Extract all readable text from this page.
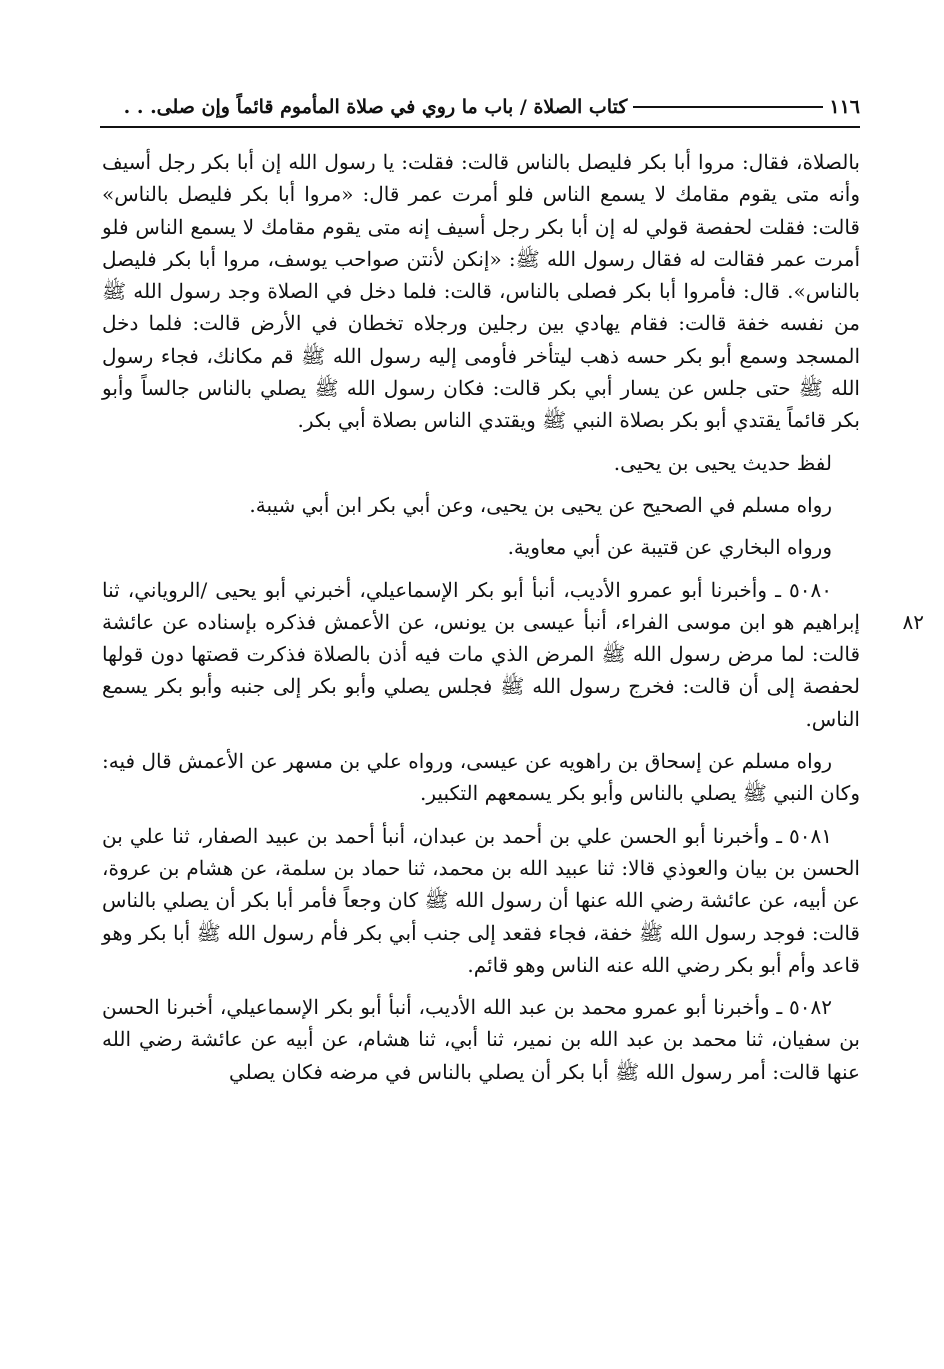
١١٦
كتاب الصلاة / باب ما روي في صلاة المأموم قائماً وإن صلى. . .

بالصلاة، فقال: مروا أبا بكر فليصل بالناس قالت: فقلت: يا رسول الله إن أبا بكر رجل أسيف وأنه متى يقوم مقامك لا يسمع الناس فلو أمرت عمر قال: «مروا أبا بكر فليصل بالناس» قالت: فقلت لحفصة قولي له إن أبا بكر رجل أسيف إنه متى يقوم مقامك لا يسمع الناس فلو أمرت عمر فقالت له فقال رسول الله ﷺ: «إنكن لأنتن صواحب يوسف، مروا أبا بكر فليصل بالناس». قال: فأمروا أبا بكر فصلى بالناس، قالت: فلما دخل في الصلاة وجد رسول الله ﷺ من نفسه خفة قالت: فقام يهادي بين رجلين ورجلاه تخطان في الأرض قالت: فلما دخل المسجد وسمع أبو بكر حسه ذهب ليتأخر فأومى إليه رسول الله ﷺ قم مكانك، فجاء رسول الله ﷺ حتى جلس عن يسار أبي بكر قالت: فكان رسول الله ﷺ يصلي بالناس جالساً وأبو بكر قائماً يقتدي أبو بكر بصلاة النبي ﷺ ويقتدي الناس بصلاة أبي بكر.

لفظ حديث يحيى بن يحيى.

رواه مسلم في الصحيح عن يحيى بن يحيى، وعن أبي بكر ابن أبي شيبة.

ورواه البخاري عن قتيبة عن أبي معاوية.

٨٢

٥٠٨٠ ـ وأخبرنا أبو عمرو الأديب، أنبأ أبو بكر الإسماعيلي، أخبرني أبو يحيى /الروياني، ثنا إبراهيم هو ابن موسى الفراء، أنبأ عيسى بن يونس، عن الأعمش فذكره بإسناده عن عائشة قالت: لما مرض رسول الله ﷺ المرض الذي مات فيه أذن بالصلاة فذكرت قصتها دون قولها لحفصة إلى أن قالت: فخرج رسول الله ﷺ فجلس يصلي وأبو بكر إلى جنبه وأبو بكر يسمع الناس.

رواه مسلم عن إسحاق بن راهويه عن عيسى، ورواه علي بن مسهر عن الأعمش قال فيه: وكان النبي ﷺ يصلي بالناس وأبو بكر يسمعهم التكبير.

٥٠٨١ ـ وأخبرنا أبو الحسن علي بن أحمد بن عبدان، أنبأ أحمد بن عبيد الصفار، ثنا علي بن الحسن بن بيان والعوذي قالا: ثنا عبيد الله بن محمد، ثنا حماد بن سلمة، عن هشام بن عروة، عن أبيه، عن عائشة رضي الله عنها أن رسول الله ﷺ كان وجعاً فأمر أبا بكر أن يصلي بالناس قالت: فوجد رسول الله ﷺ خفة، فجاء فقعد إلى جنب أبي بكر فأم رسول الله ﷺ أبا بكر وهو قاعد وأم أبو بكر رضي الله عنه الناس وهو قائم.

٥٠٨٢ ـ وأخبرنا أبو عمرو محمد بن عبد الله الأديب، أنبأ أبو بكر الإسماعيلي، أخبرنا الحسن بن سفيان، ثنا محمد بن عبد الله بن نمير، ثنا أبي، ثنا هشام، عن أبيه عن عائشة رضي الله عنها قالت: أمر رسول الله ﷺ أبا بكر أن يصلي بالناس في مرضه فكان يصلي
